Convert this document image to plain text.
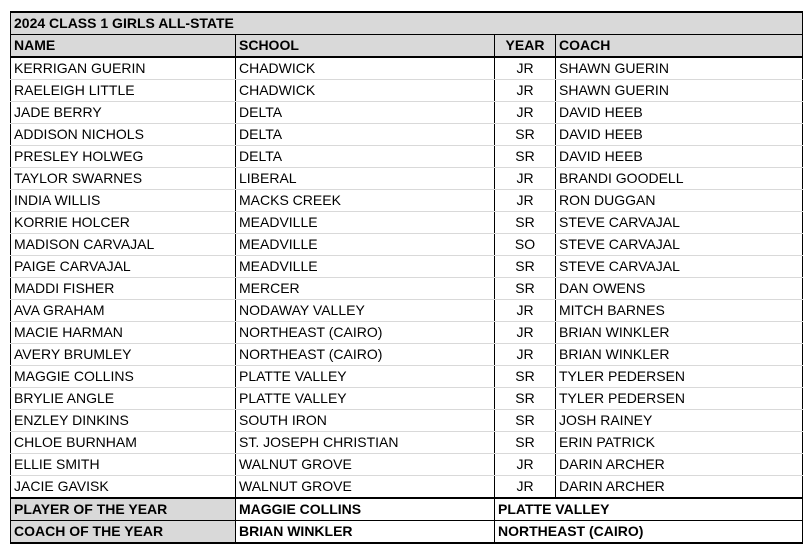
2024 CLASS 1 GIRLS ALL-STATE			
NAME	SCHOOL	YEAR	COACH
KERRIGAN GUERIN	CHADWICK	JR	SHAWN GUERIN
RAELEIGH LITTLE	CHADWICK	JR	SHAWN GUERIN
JADE BERRY	DELTA	JR	DAVID HEEB
ADDISON NICHOLS	DELTA	SR	DAVID HEEB
PRESLEY HOLWEG	DELTA	SR	DAVID HEEB
TAYLOR SWARNES	LIBERAL	JR	BRANDI GOODELL
INDIA WILLIS	MACKS CREEK	JR	RON DUGGAN
KORRIE HOLCER	MEADVILLE	SR	STEVE CARVAJAL
MADISON CARVAJAL	MEADVILLE	SO	STEVE CARVAJAL
PAIGE CARVAJAL	MEADVILLE	SR	STEVE CARVAJAL
MADDI FISHER	MERCER	SR	DAN OWENS
AVA GRAHAM	NODAWAY VALLEY	JR	MITCH BARNES
MACIE HARMAN	NORTHEAST (CAIRO)	JR	BRIAN WINKLER
AVERY BRUMLEY	NORTHEAST (CAIRO)	JR	BRIAN WINKLER
MAGGIE COLLINS	PLATTE VALLEY	SR	TYLER PEDERSEN
BRYLIE ANGLE	PLATTE VALLEY	SR	TYLER PEDERSEN
ENZLEY DINKINS	SOUTH IRON	SR	JOSH RAINEY
CHLOE BURNHAM	ST. JOSEPH CHRISTIAN	SR	ERIN PATRICK
ELLIE SMITH	WALNUT GROVE	JR	DARIN ARCHER
JACIE GAVISK	WALNUT GROVE	JR	DARIN ARCHER
PLAYER OF THE YEAR	MAGGIE COLLINS	PLATTE VALLEY	
COACH OF THE YEAR	BRIAN WINKLER	NORTHEAST (CAIRO)	
